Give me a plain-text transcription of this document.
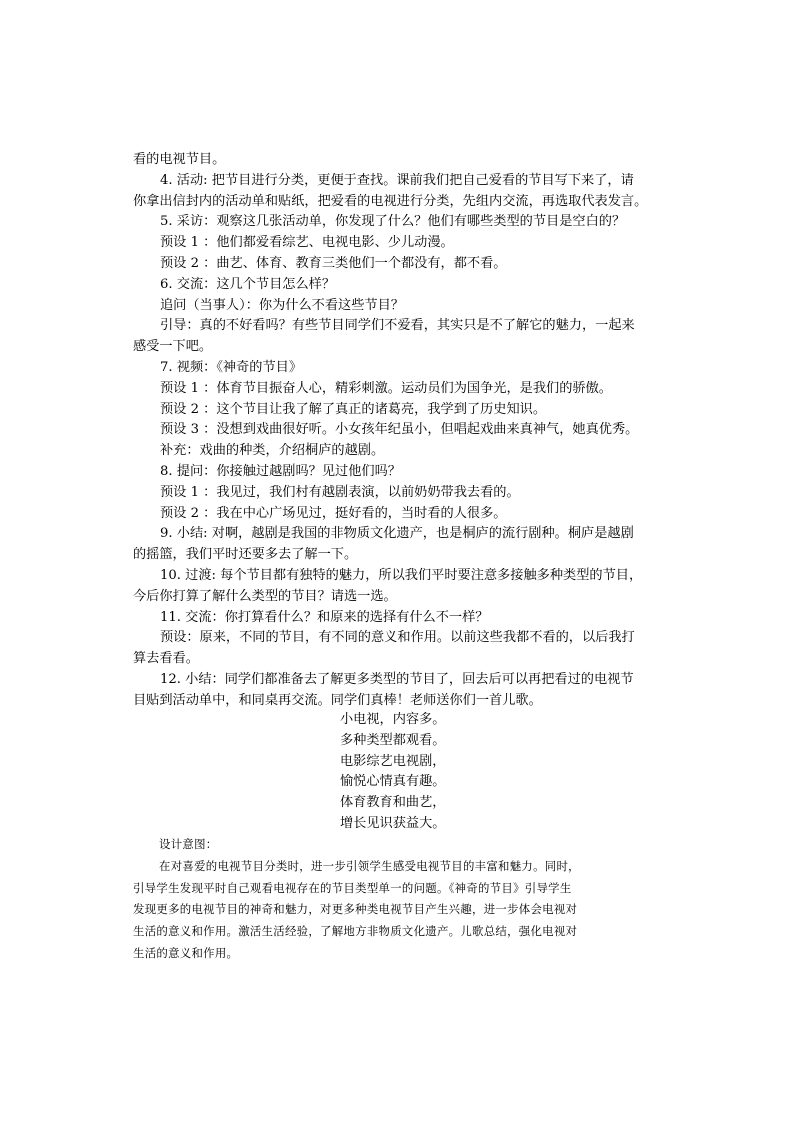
看的电视节目。

4. 活动: 把节目进行分类，更便于查找。课前我们把自己爱看的节目写下来了，请

你拿出信封内的活动单和贴纸，把爱看的电视进行分类，先组内交流，再选取代表发言。

5. 采访：观察这几张活动单，你发现了什么？他们有哪些类型的节目是空白的？

预设 1 ：他们都爱看综艺、电视电影、少儿动漫。

预设 2 ：曲艺、体育、教育三类他们一个都没有，都不看。

6. 交流：这几个节目怎么样？

追问（当事人）：你为什么不看这些节目？

引导：真的不好看吗？有些节目同学们不爱看，其实只是不了解它的魅力，一起来

感受一下吧。

7. 视频：《神奇的节目》

预设 1 ：体育节目振奋人心，精彩刺激。运动员们为国争光，是我们的骄傲。

预设 2 ：这个节目让我了解了真正的诸葛亮，我学到了历史知识。

预设 3 ：没想到戏曲很好听。小女孩年纪虽小，但唱起戏曲来真神气，她真优秀。

补充：戏曲的种类，介绍桐庐的越剧。

8. 提问：你接触过越剧吗？见过他们吗？

预设 1 ：我见过，我们村有越剧表演，以前奶奶带我去看的。

预设 2 ：我在中心广场见过，挺好看的，当时看的人很多。

9. 小结: 对啊，越剧是我国的非物质文化遗产，也是桐庐的流行剧种。桐庐是越剧

的摇篮，我们平时还要多去了解一下。

10. 过渡: 每个节目都有独特的魅力，所以我们平时要注意多接触多种类型的节目，

今后你打算了解什么类型的节目？请选一选。

11. 交流：你打算看什么？和原来的选择有什么不一样？

预设：原来，不同的节目，有不同的意义和作用。以前这些我都不看的，以后我打

算去看看。

12. 小结：同学们都准备去了解更多类型的节目了，回去后可以再把看过的电视节

目贴到活动单中，和同桌再交流。同学们真棒！老师送你们一首儿歌。

小电视，内容多。

多种类型都观看。

电影综艺电视剧，

愉悦心情真有趣。

体育教育和曲艺，

增长见识获益大。

设计意图：

在对喜爱的电视节目分类时，进一步引领学生感受电视节目的丰富和魅力。同时，

引导学生发现平时自己观看电视存在的节目类型单一的问题。《神奇的节目》引导学生

发现更多的电视节目的神奇和魅力，对更多种类电视节目产生兴趣，进一步体会电视对

生活的意义和作用。激活生活经验，了解地方非物质文化遗产。儿歌总结，强化电视对

生活的意义和作用。
